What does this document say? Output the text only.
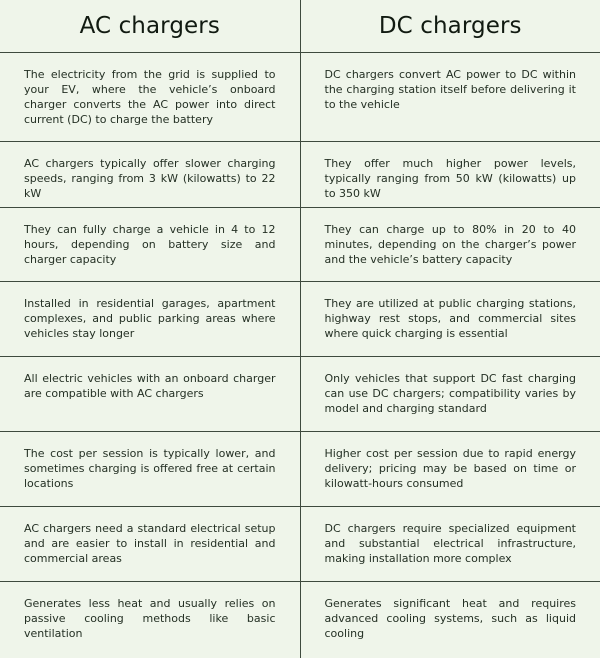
AC chargers	DC chargers

The electricity from the grid is supplied to your EV, where the vehicle’s onboard charger converts the AC power into direct current (DC) to charge the battery	DC chargers convert AC power to DC within the charging station itself before delivering it to the vehicle

AC chargers typically offer slower charging speeds, ranging from 3 kW (kilowatts) to 22 kW	They offer much higher power levels, typically ranging from 50 kW (kilowatts) up to 350 kW

They can fully charge a vehicle in 4 to 12 hours, depending on battery size and charger capacity	They can charge up to 80% in 20 to 40 minutes, depending on the charger’s power and the vehicle’s battery capacity

Installed in residential garages, apartment complexes, and public parking areas where vehicles stay longer	They are utilized at public charging stations, highway rest stops, and commercial sites where quick charging is essential

All electric vehicles with an onboard charger are compatible with AC chargers	Only vehicles that support DC fast charging can use DC chargers; compatibility varies by model and charging standard

The cost per session is typically lower, and sometimes charging is offered free at certain locations	Higher cost per session due to rapid energy delivery; pricing may be based on time or kilowatt-hours consumed

AC chargers need a standard electrical setup and are easier to install in residential and commercial areas	DC chargers require specialized equipment and substantial electrical infrastructure, making installation more complex

Generates less heat and usually relies on passive cooling methods like basic ventilation	Generates significant heat and requires advanced cooling systems, such as liquid cooling
